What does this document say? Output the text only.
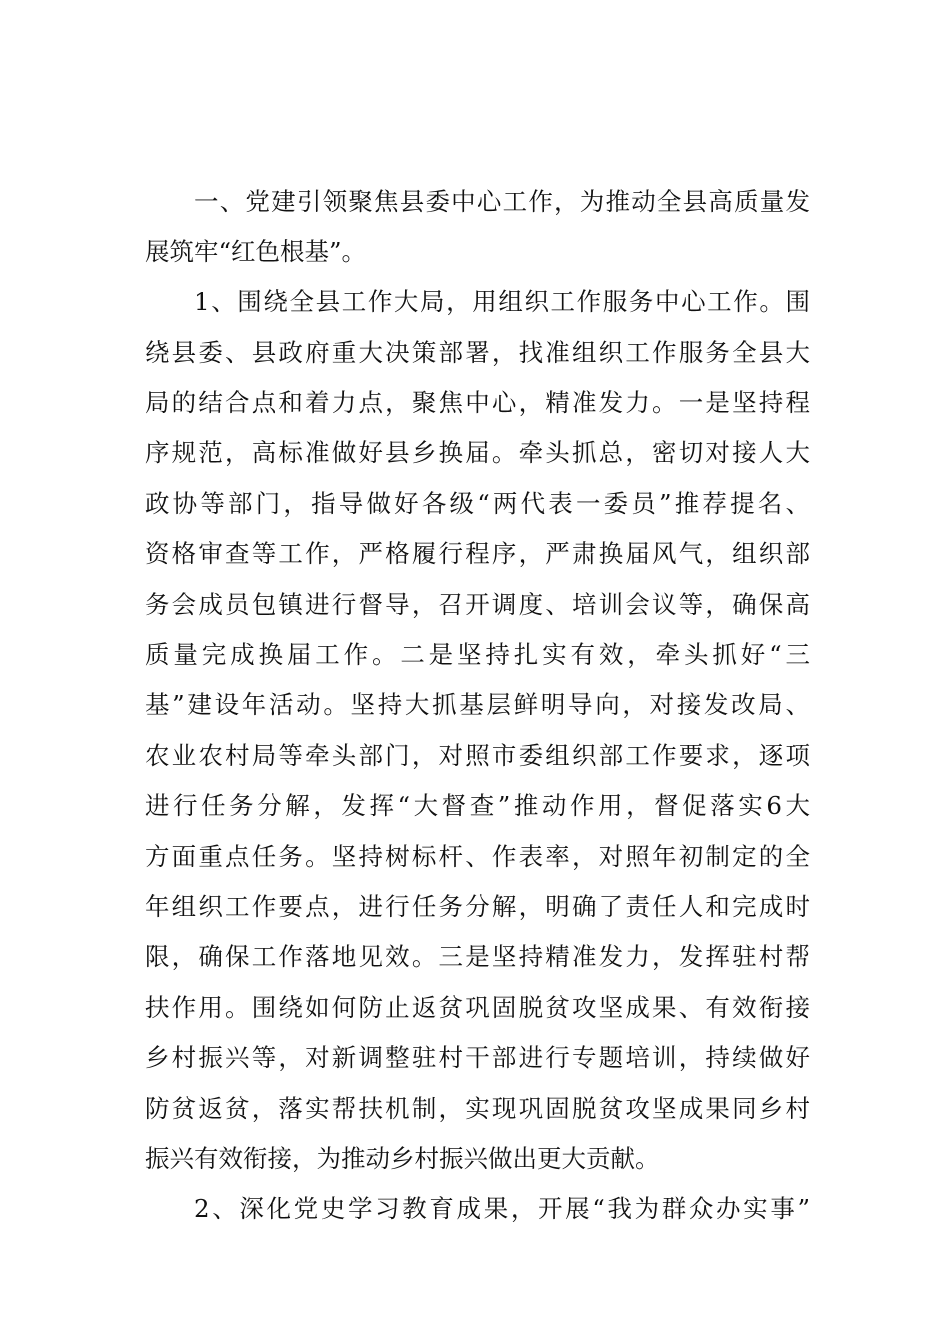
一、党建引领聚焦县委中心工作，为推动全县高质量发
展筑牢“红色根基”。
1、围绕全县工作大局，用组织工作服务中心工作。围
绕县委、县政府重大决策部署，找准组织工作服务全县大
局的结合点和着力点，聚焦中心，精准发力。一是坚持程
序规范，高标准做好县乡换届。牵头抓总，密切对接人大
政协等部门，指导做好各级“两代表一委员”推荐提名、
资格审查等工作，严格履行程序，严肃换届风气，组织部
务会成员包镇进行督导，召开调度、培训会议等，确保高
质量完成换届工作。二是坚持扎实有效，牵头抓好“三
基”建设年活动。坚持大抓基层鲜明导向，对接发改局、
农业农村局等牵头部门，对照市委组织部工作要求，逐项
进行任务分解，发挥“大督查”推动作用，督促落实6大
方面重点任务。坚持树标杆、作表率，对照年初制定的全
年组织工作要点，进行任务分解，明确了责任人和完成时
限，确保工作落地见效。三是坚持精准发力，发挥驻村帮
扶作用。围绕如何防止返贫巩固脱贫攻坚成果、有效衔接
乡村振兴等，对新调整驻村干部进行专题培训，持续做好
防贫返贫，落实帮扶机制，实现巩固脱贫攻坚成果同乡村
振兴有效衔接，为推动乡村振兴做出更大贡献。
2、深化党史学习教育成果，开展“我为群众办实事”
